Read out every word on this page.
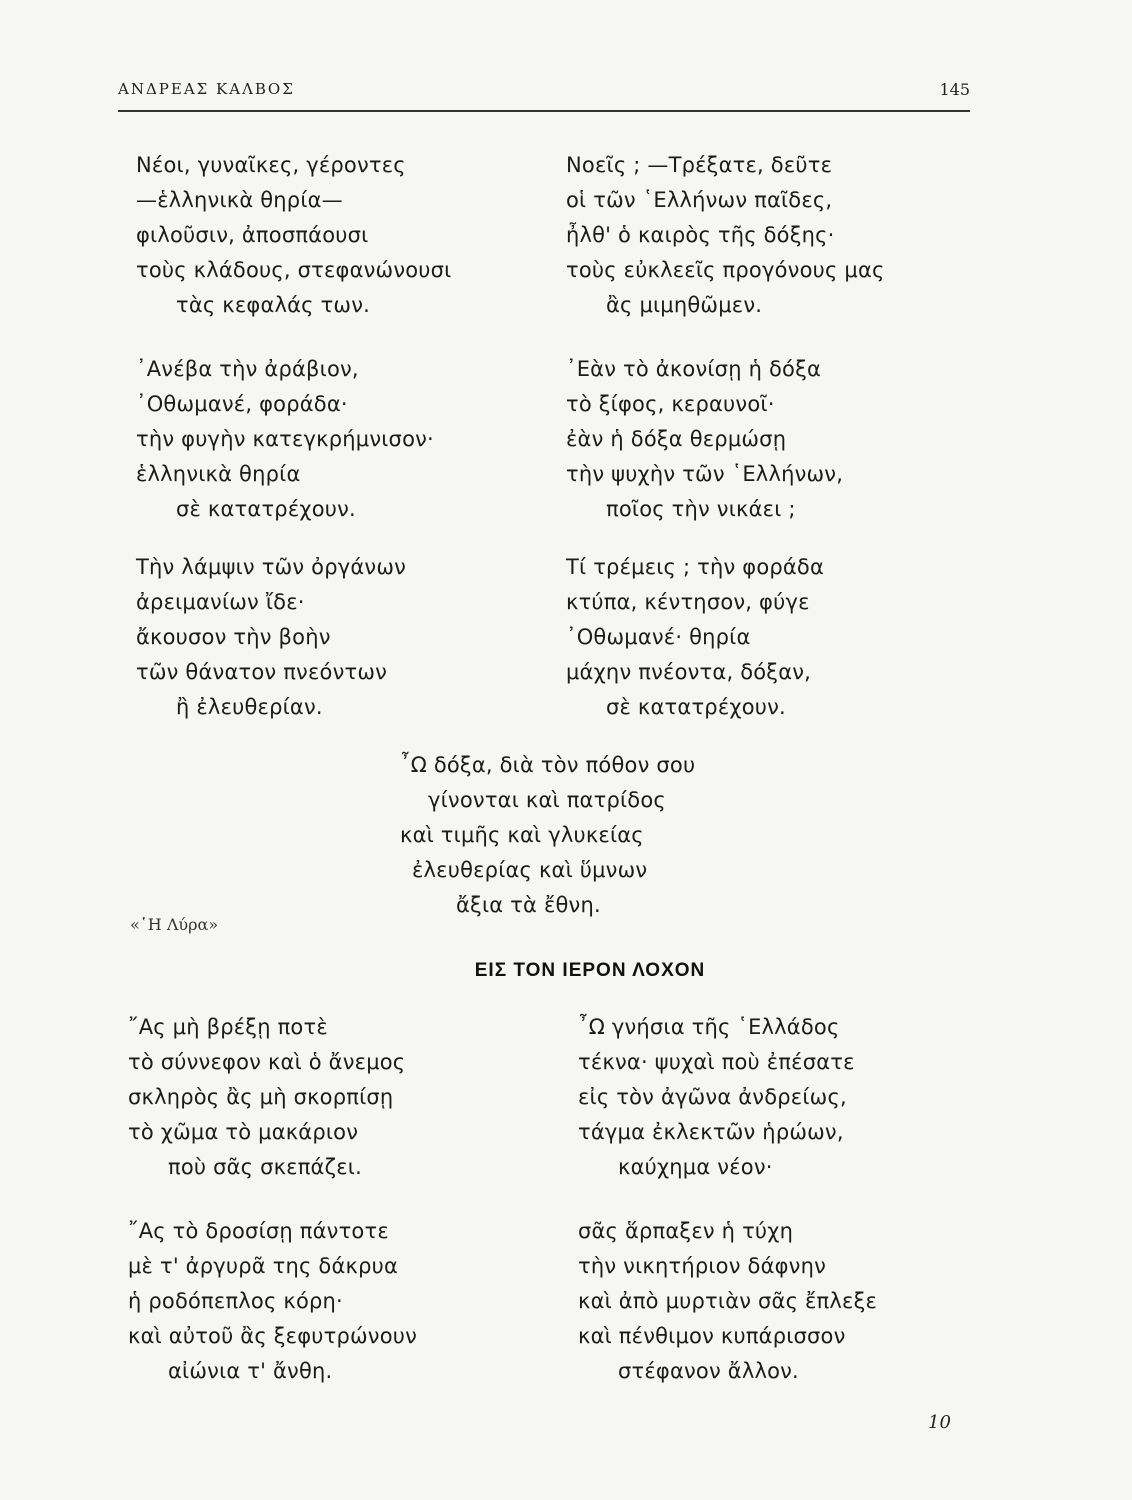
ΑΝΔΡΕΑΣ ΚΑΛΒΟΣ	145
Νέοι, γυναῖκες, γέροντες
—ἑλληνικὰ θηρία—
φιλοῦσιν, ἀποσπάουσι
τοὺς κλάδους, στεφανώνουσι
τὰς κεφαλάς των.
Νοεῖς ; —Τρέξατε, δεῦτε
οἱ τῶν ῾Ελλήνων παῖδες,
ἦλθ' ὁ καιρὸς τῆς δόξης·
τοὺς εὐκλεεῖς προγόνους μας
ἂς μιμηθῶμεν.
᾿Ανέβα τὴν ἀράβιον,
᾿Οθωμανέ, φοράδα·
τὴν φυγὴν κατεγκρήμνισον·
ἑλληνικὰ θηρία
σὲ κατατρέχουν.
᾿Εὰν τὸ ἀκονίσῃ ἡ δόξα
τὸ ξίφος, κεραυνοῖ·
ἐὰν ἡ δόξα θερμώσῃ
τὴν ψυχὴν τῶν ῾Ελλήνων,
ποῖος τὴν νικάει ;
Τὴν λάμψιν τῶν ὀργάνων
ἀρειμανίων ἴδε·
ἄκουσον τὴν βοὴν
τῶν θάνατον πνεόντων
ἢ ἐλευθερίαν.
Τί τρέμεις ; τὴν φοράδα
κτύπα, κέντησον, φύγε
᾿Οθωμανέ· θηρία
μάχην πνέοντα, δόξαν,
σὲ κατατρέχουν.
῏Ω δόξα, διὰ τὸν πόθον σου
γίνονται καὶ πατρίδος
καὶ τιμῆς καὶ γλυκείας
ἐλευθερίας καὶ ὕμνων
ἄξια τὰ ἔθνη.
«῾Η Λύρα»
ΕΙΣ ΤΟΝ ΙΕΡΟΝ ΛΟΧΟΝ
῎Ας μὴ βρέξῃ ποτὲ
τὸ σύννεφον καὶ ὁ ἄνεμος
σκληρὸς ἂς μὴ σκορπίσῃ
τὸ χῶμα τὸ μακάριον
ποὺ σᾶς σκεπάζει.
῏Ω γνήσια τῆς ῾Ελλάδος
τέκνα· ψυχαὶ ποὺ ἐπέσατε
εἰς τὸν ἀγῶνα ἀνδρείως,
τάγμα ἐκλεκτῶν ἡρώων,
καύχημα νέον·
῎Ας τὸ δροσίσῃ πάντοτε
μὲ τ' ἀργυρᾶ της δάκρυα
ἡ ροδόπεπλος κόρη·
καὶ αὐτοῦ ἂς ξεφυτρώνουν
αἰώνια τ' ἄνθη.
σᾶς ἅρπαξεν ἡ τύχη
τὴν νικητήριον δάφνην
καὶ ἀπὸ μυρτιὰν σᾶς ἔπλεξε
καὶ πένθιμον κυπάρισσον
στέφανον ἄλλον.
10
